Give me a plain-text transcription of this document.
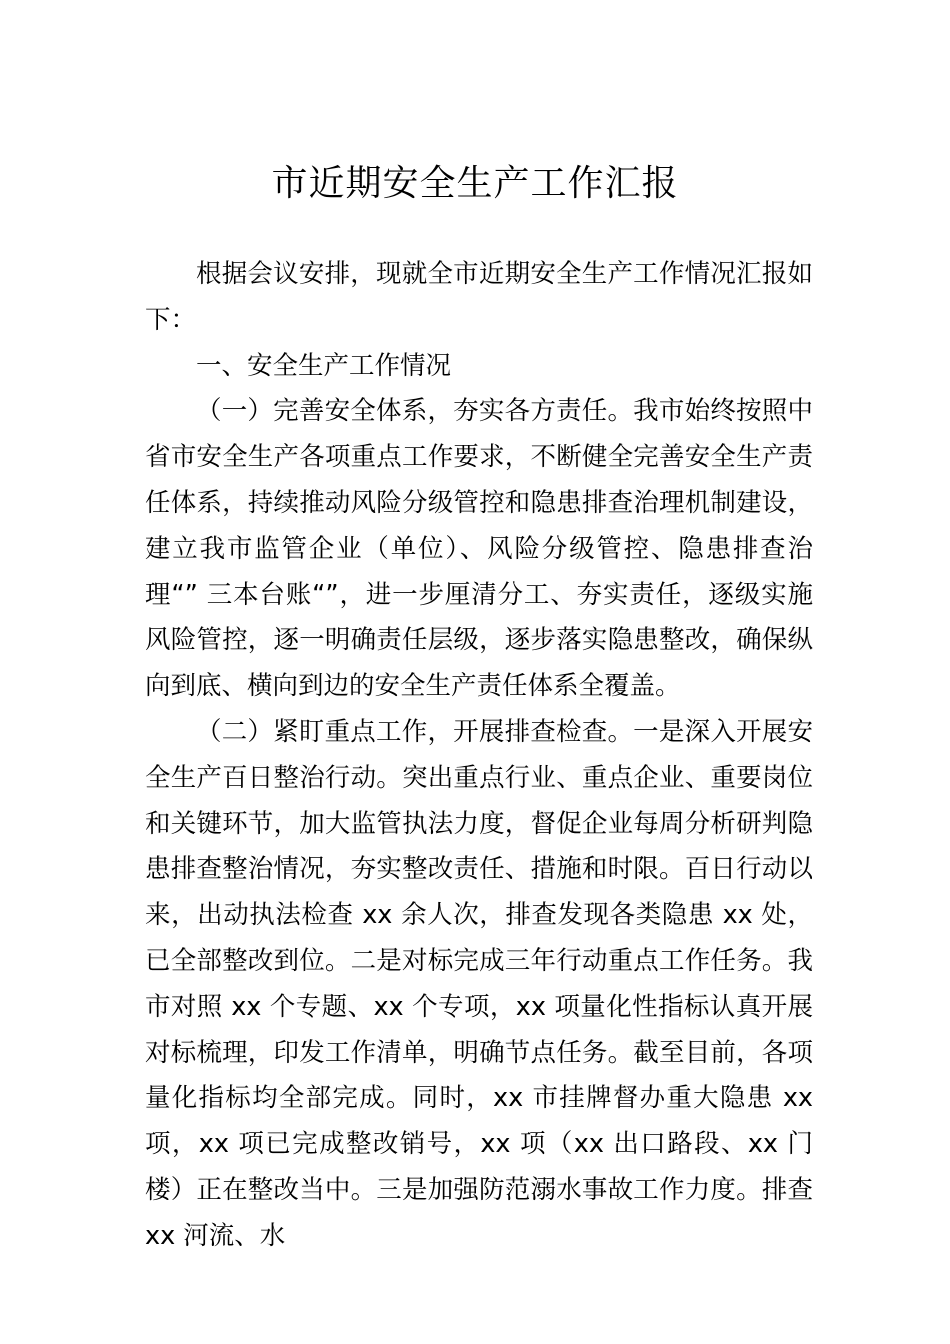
市近期安全生产工作汇报

根据会议安排，现就全市近期安全生产工作情况汇报如下：

一、安全生产工作情况

（一）完善安全体系，夯实各方责任。我市始终按照中省市安全生产各项重点工作要求，不断健全完善安全生产责任体系，持续推动风险分级管控和隐患排查治理机制建设， 建立我市监管企业（单位）、风险分级管控、隐患排查治理“” 三本台账“”，进一步厘清分工、夯实责任，逐级实施风险管控，逐一明确责任层级，逐步落实隐患整改，确保纵向到底、横向到边的安全生产责任体系全覆盖。

（二）紧盯重点工作，开展排查检查。一是深入开展安全生产百日整治行动。突出重点行业、重点企业、重要岗位和关键环节，加大监管执法力度，督促企业每周分析研判隐患排查整治情况，夯实整改责任、措施和时限。百日行动以来，出动执法检查 xx 余人次，排查发现各类隐患 xx 处，已全部整改到位。二是对标完成三年行动重点工作任务。我市对照 xx 个专题、xx 个专项，xx 项量化性指标认真开展对标梳理，印发工作清单，明确节点任务。截至目前，各项量化指标均全部完成。同时，xx 市挂牌督办重大隐患 xx 项，xx 项已完成整改销号，xx 项（xx 出口路段、xx 门楼）正在整改当中。三是加强防范溺水事故工作力度。排查 xx 河流、水
